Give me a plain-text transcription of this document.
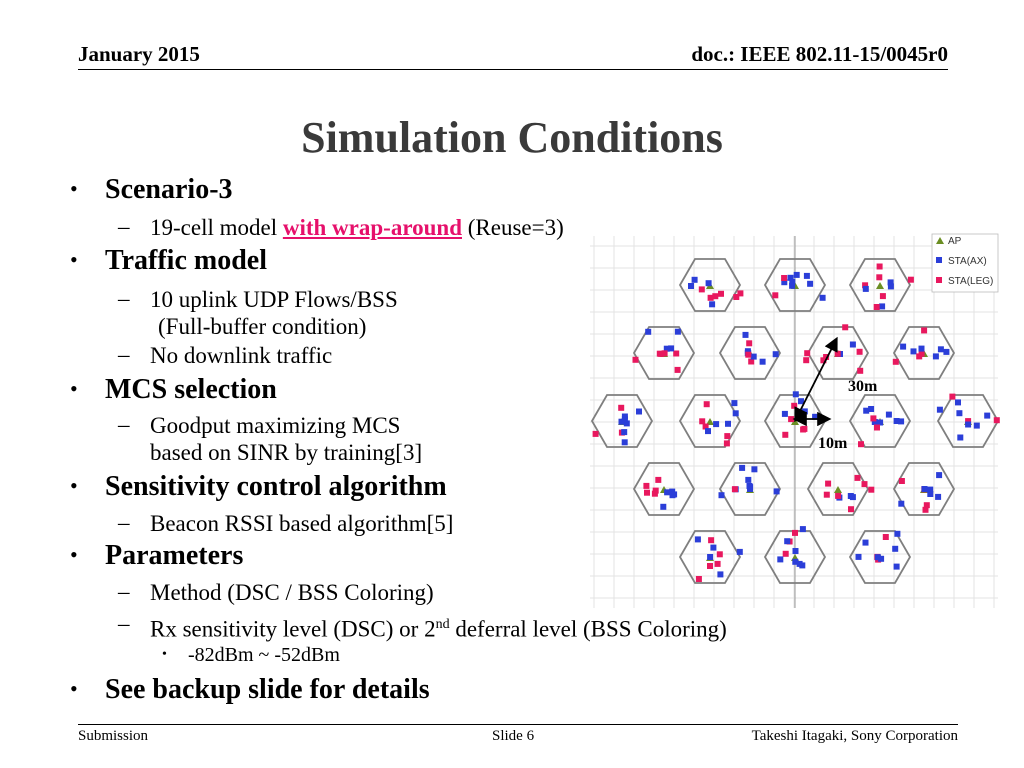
January 2015	doc.: IEEE 802.11-15/0045r0
Simulation Conditions
• Scenario-3
– 19-cell model with wrap-around (Reuse=3)
• Traffic model
– 10 uplink UDP Flows/BSS
(Full-buffer condition)
– No downlink traffic
• MCS selection
– Goodput maximizing MCS
based on SINR by training[3]
• Sensitivity control algorithm
– Beacon RSSI based algorithm[5]
• Parameters
– Method (DSC / BSS Coloring)
– Rx sensitivity level (DSC) or 2nd deferral level (BSS Coloring)
• -82dBm ~ -52dBm
• See backup slide for details
AP
STA(AX)
STA(LEG)
30m
10m
Submission	Slide 6	Takeshi Itagaki, Sony Corporation
